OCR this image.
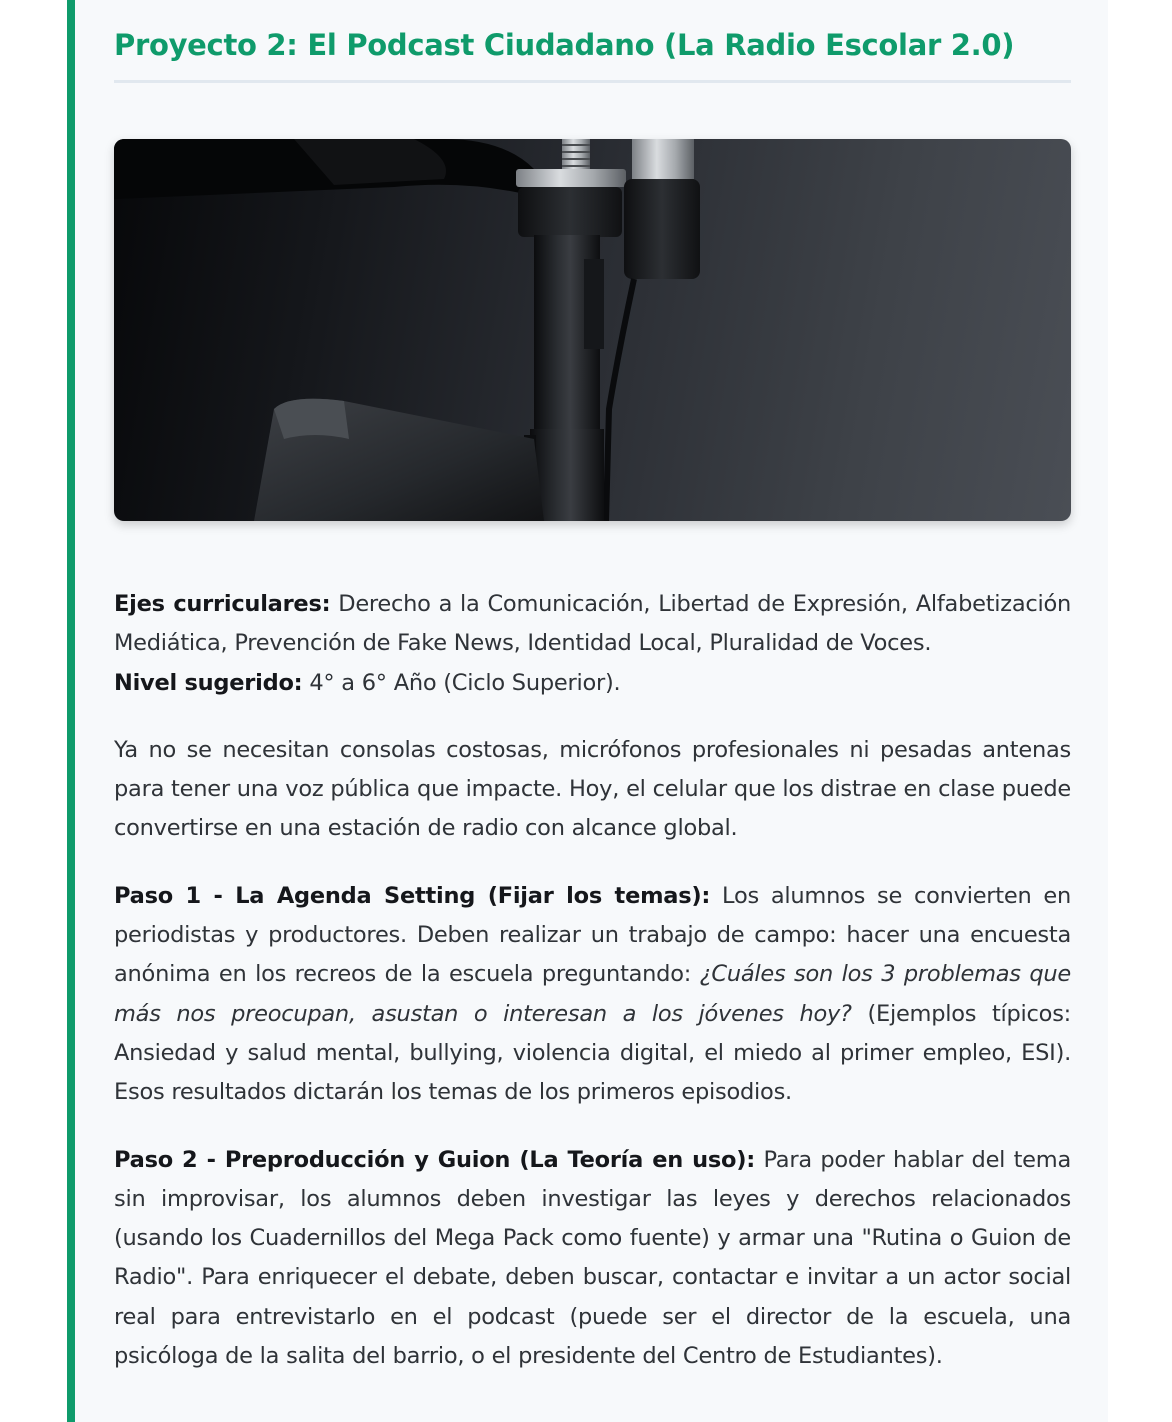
Proyecto 2: El Podcast Ciudadano (La Radio Escolar 2.0)

Ejes curriculares: Derecho a la Comunicación, Libertad de Expresión, Alfabetización Mediática, Prevención de Fake News, Identidad Local, Pluralidad de Voces.

Nivel sugerido: 4° a 6° Año (Ciclo Superior).

Ya no se necesitan consolas costosas, micrófonos profesionales ni pesadas antenas para tener una voz pública que impacte. Hoy, el celular que los distrae en clase puede convertirse en una estación de radio con alcance global.

Paso 1 - La Agenda Setting (Fijar los temas): Los alumnos se convierten en periodistas y productores. Deben realizar un trabajo de campo: hacer una encuesta anónima en los recreos de la escuela preguntando: ¿Cuáles son los 3 problemas que más nos preocupan, asustan o interesan a los jóvenes hoy? (Ejemplos típicos: Ansiedad y salud mental, bullying, violencia digital, el miedo al primer empleo, ESI). Esos resultados dictarán los temas de los primeros episodios.

Paso 2 - Preproducción y Guion (La Teoría en uso): Para poder hablar del tema sin improvisar, los alumnos deben investigar las leyes y derechos relacionados (usando los Cuadernillos del Mega Pack como fuente) y armar una "Rutina o Guion de Radio". Para enriquecer el debate, deben buscar, contactar e invitar a un actor social real para entrevistarlo en el podcast (puede ser el director de la escuela, una psicóloga de la salita del barrio, o el presidente del Centro de Estudiantes).
